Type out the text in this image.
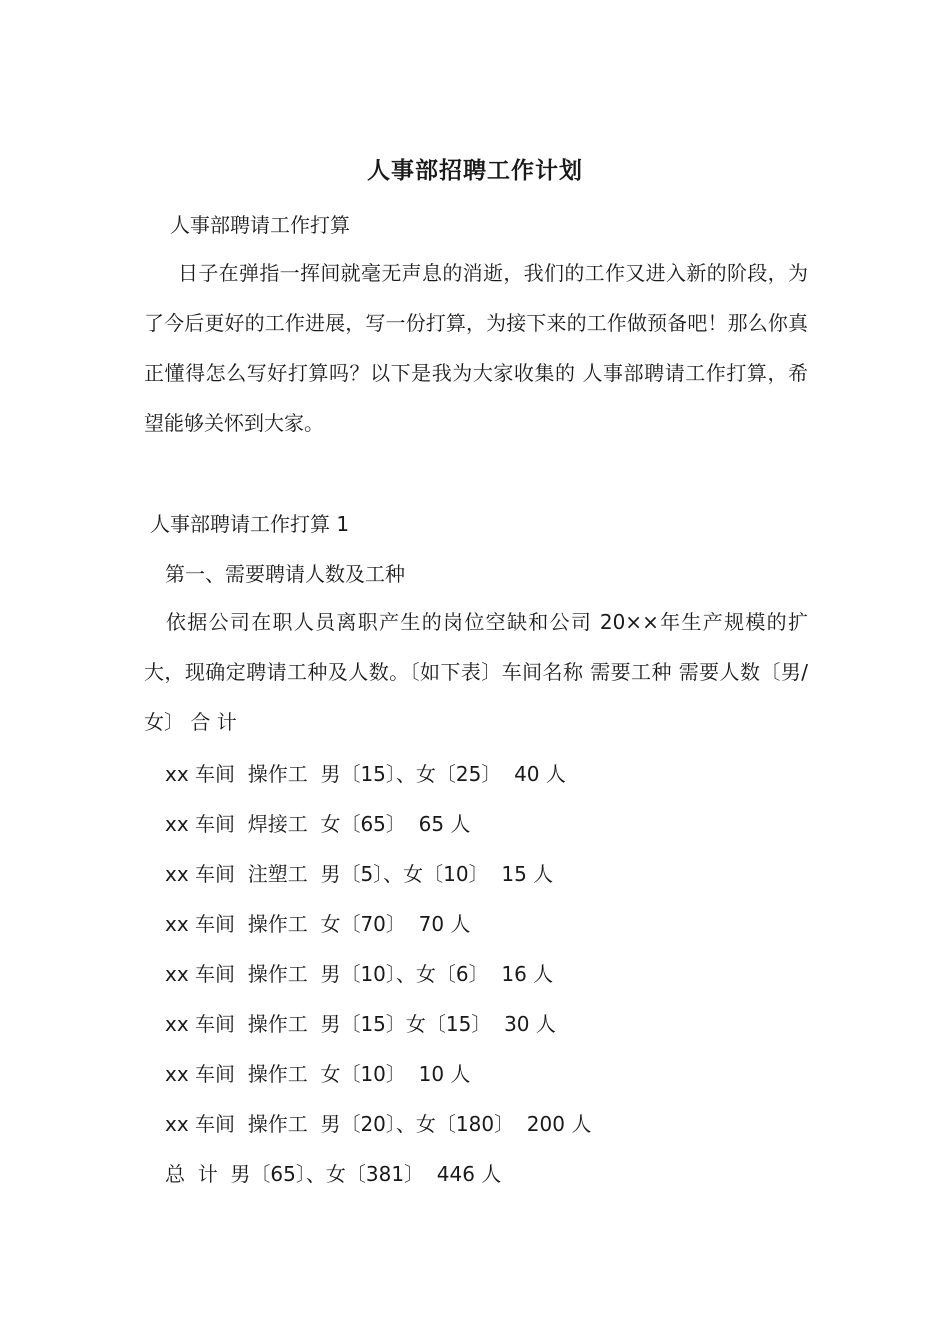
人事部招聘工作计划
人事部聘请工作打算
日子在弹指一挥间就毫无声息的消逝，我们的工作又进入新的阶段，为了今后更好的工作进展，写一份打算，为接下来的工作做预备吧！那么你真正懂得怎么写好打算吗？以下是我为大家收集的 人事部聘请工作打算，希望能够关怀到大家。
人事部聘请工作打算 1
第一、需要聘请人数及工种
依据公司在职人员离职产生的岗位空缺和公司 20××年生产规模的扩大，现确定聘请工种及人数。〔如下表〕车间名称 需要工种 需要人数〔男/女〕 合 计
xx 车间  操作工  男〔15〕、女〔25〕  40 人
xx 车间  焊接工  女〔65〕  65 人
xx 车间  注塑工  男〔5〕、女〔10〕  15 人
xx 车间  操作工  女〔70〕  70 人
xx 车间  操作工  男〔10〕、女〔6〕  16 人
xx 车间  操作工  男〔15〕女〔15〕  30 人
xx 车间  操作工  女〔10〕  10 人
xx 车间  操作工  男〔20〕、女〔180〕  200 人
总  计  男〔65〕、女〔381〕  446 人
